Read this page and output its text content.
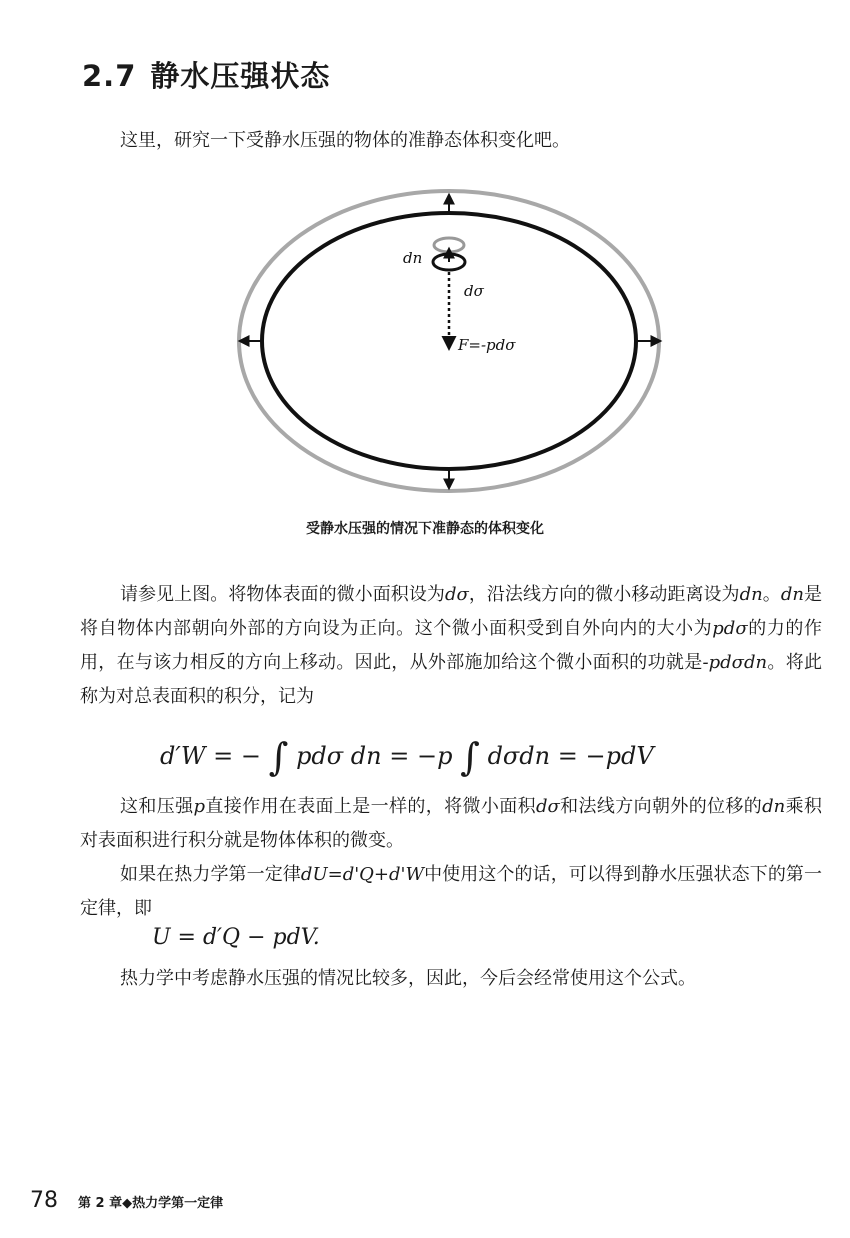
2.7 静水压强状态

这里，研究一下受静水压强的物体的准静态体积变化吧。

dn
dσ
F=-pdσ
受静水压强的情况下准静态的体积变化

请参见上图。将物体表面的微小面积设为dσ，沿法线方向的微小移动距离设为dn。dn是将自物体内部朝向外部的方向设为正向。这个微小面积受到自外向内的大小为pdσ的力的作用，在与该力相反的方向上移动。因此，从外部施加给这个微小面积的功就是-pdσdn。将此称为对总表面积的积分，记为

d′W = − ∫ pdσ dn = −p ∫ dσdn = −pdV

这和压强p直接作用在表面上是一样的，将微小面积dσ和法线方向朝外的位移的dn乘积对表面积进行积分就是物体体积的微变。

如果在热力学第一定律dU=d'Q+d'W中使用这个的话，可以得到静水压强状态下的第一定律，即

U = d′Q − pdV.

热力学中考虑静水压强的情况比较多，因此，今后会经常使用这个公式。

78 第 2 章◆热力学第一定律
